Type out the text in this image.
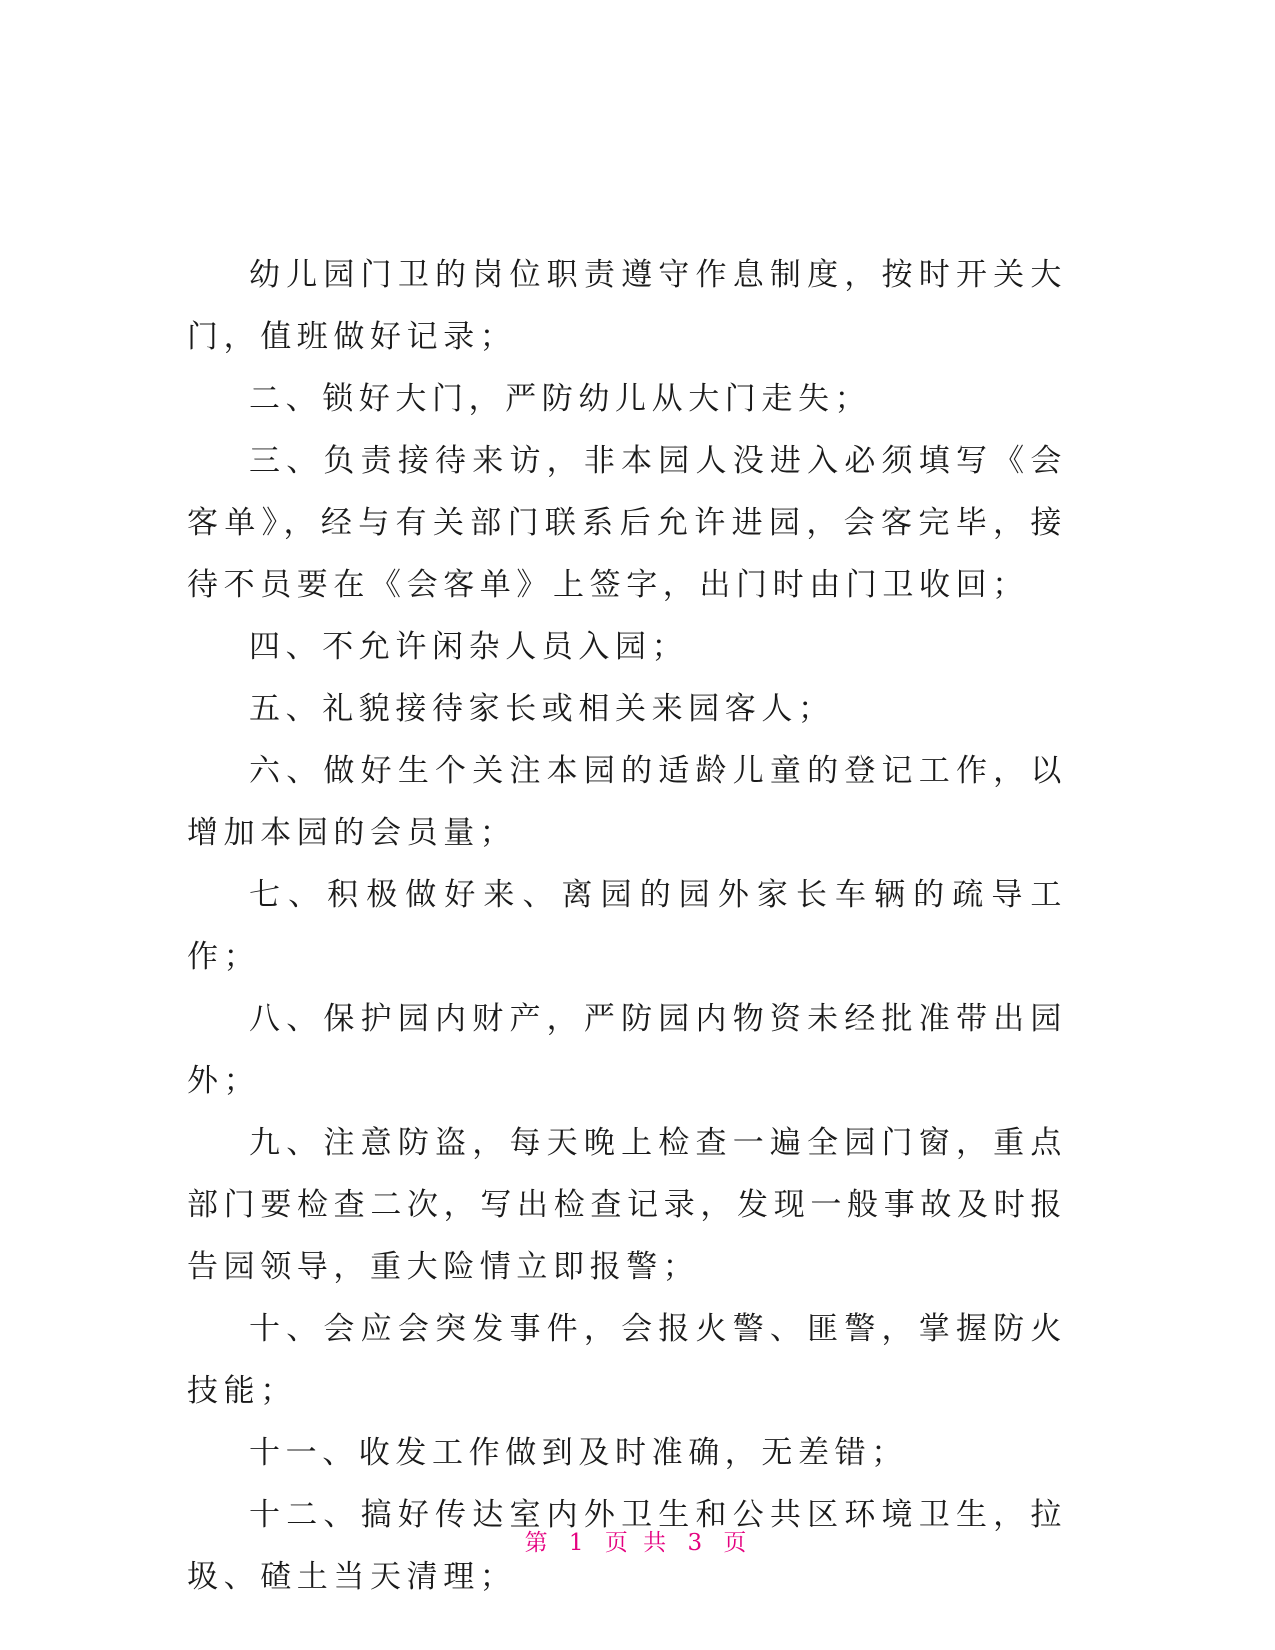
幼儿园门卫的岗位职责遵守作息制度，按时开关大门，值班做好记录；

二、锁好大门，严防幼儿从大门走失；

三、负责接待来访，非本园人没进入必须填写《会客单》，经与有关部门联系后允许进园，会客完毕，接待不员要在《会客单》上签字，出门时由门卫收回；

四、不允许闲杂人员入园；

五、礼貌接待家长或相关来园客人；

六、做好生个关注本园的适龄儿童的登记工作，以增加本园的会员量；

七、积极做好来、离园的园外家长车辆的疏导工作；

八、保护园内财产，严防园内物资未经批准带出园外；

九、注意防盗，每天晚上检查一遍全园门窗，重点部门要检查二次，写出检查记录，发现一般事故及时报告园领导，重大险情立即报警；

十、会应会突发事件，会报火警、匪警，掌握防火技能；

十一、收发工作做到及时准确，无差错；

十二、搞好传达室内外卫生和公共区环境卫生，拉圾、碴土当天清理；

第 1 页 共 3 页
